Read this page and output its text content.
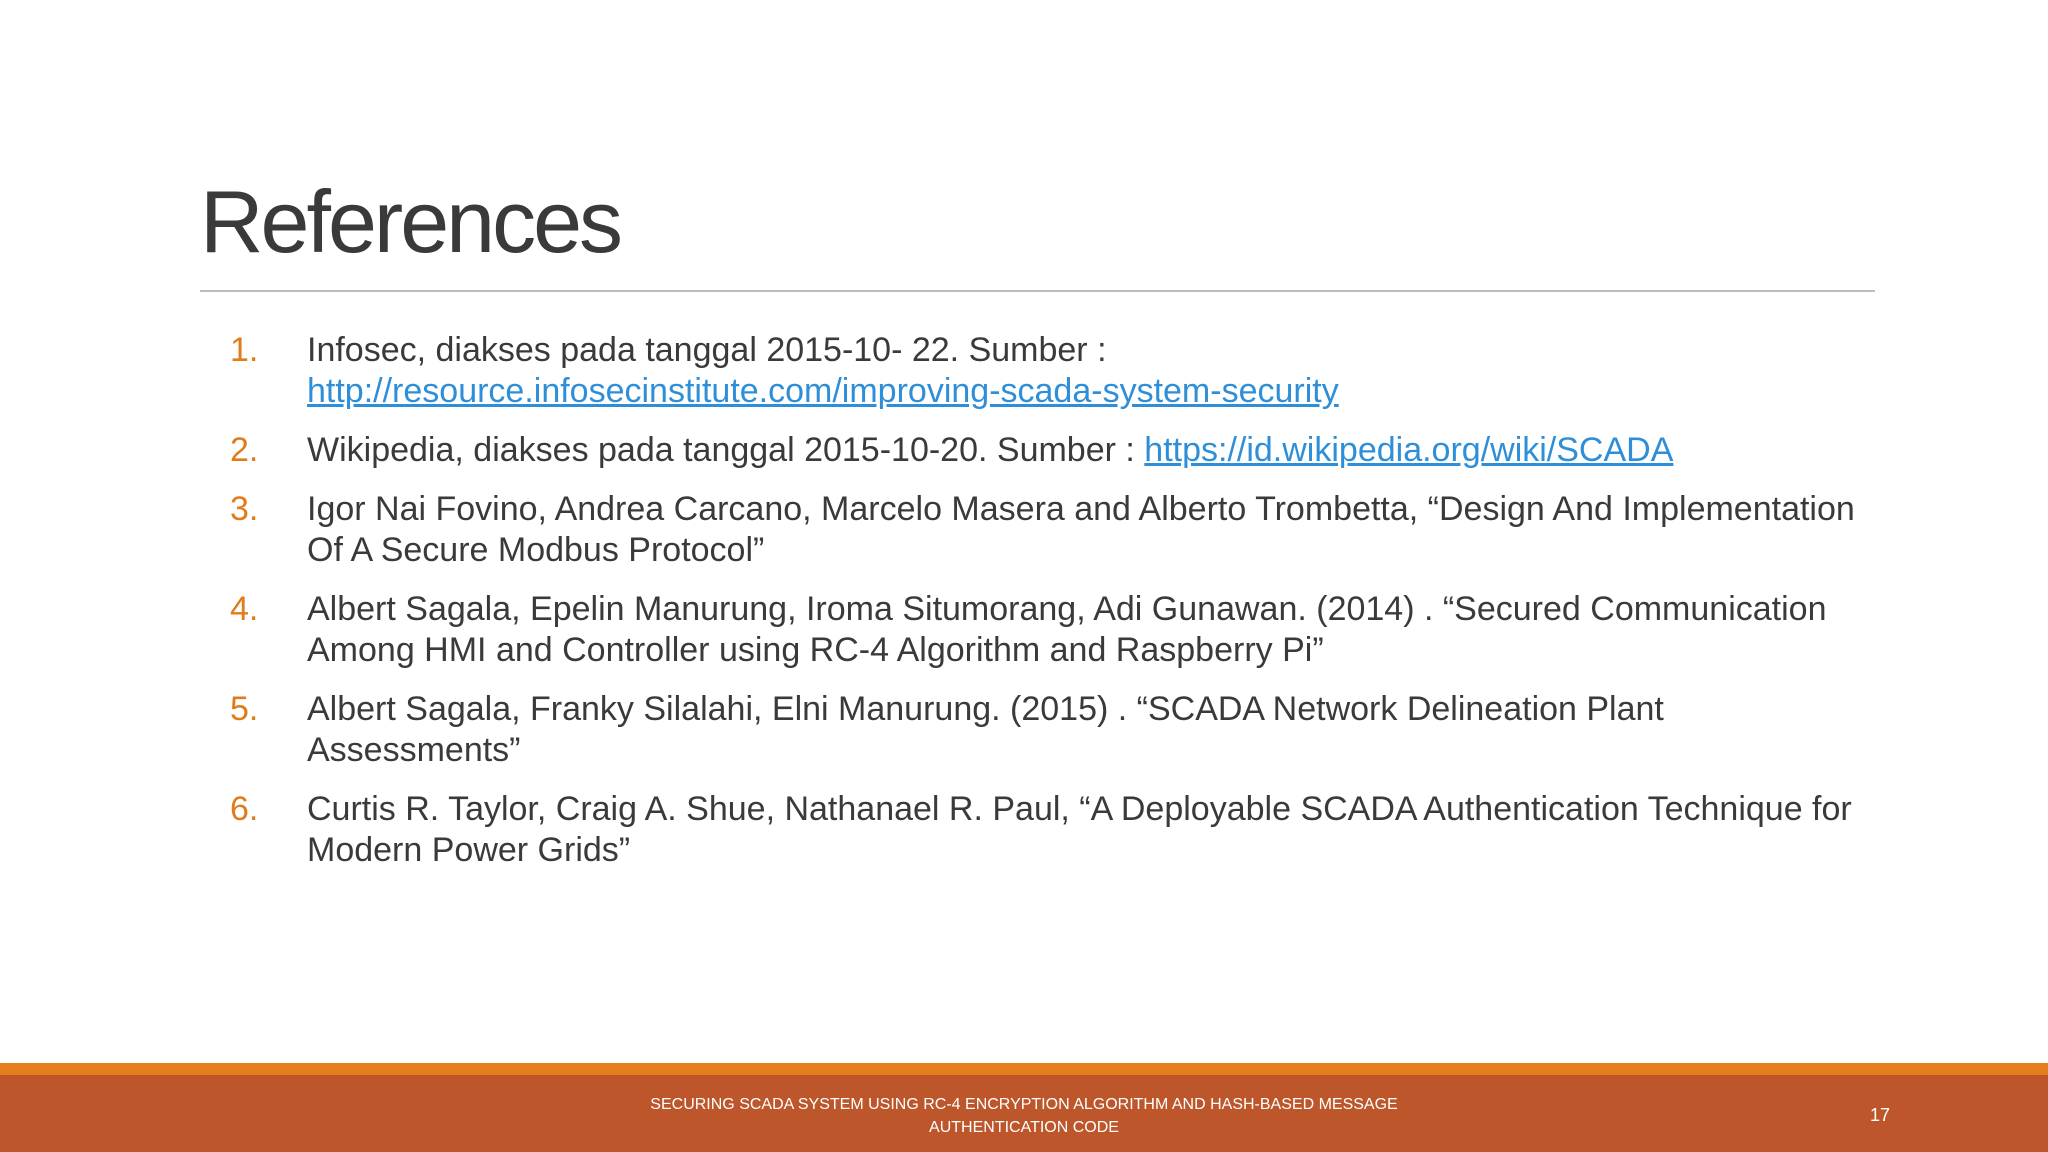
References
1.	Infosec, diakses pada tanggal 2015-10- 22. Sumber :
http://resource.infosecinstitute.com/improving-scada-system-security
2.	Wikipedia, diakses pada tanggal 2015-10-20. Sumber : https://id.wikipedia.org/wiki/SCADA
3.	Igor Nai Fovino, Andrea Carcano, Marcelo Masera and Alberto Trombetta, “Design And Implementation Of A Secure Modbus Protocol”
4.	Albert Sagala, Epelin Manurung, Iroma Situmorang, Adi Gunawan. (2014) . “Secured Communication Among HMI and Controller using RC-4 Algorithm and Raspberry Pi”
5.	Albert Sagala, Franky Silalahi, Elni Manurung. (2015) . “SCADA Network Delineation Plant Assessments”
6.	Curtis R. Taylor, Craig A. Shue, Nathanael R. Paul, “A Deployable SCADA Authentication Technique for Modern Power Grids”
SECURING SCADA SYSTEM USING RC-4 ENCRYPTION ALGORITHM AND HASH-BASED MESSAGE
AUTHENTICATION CODE
17
